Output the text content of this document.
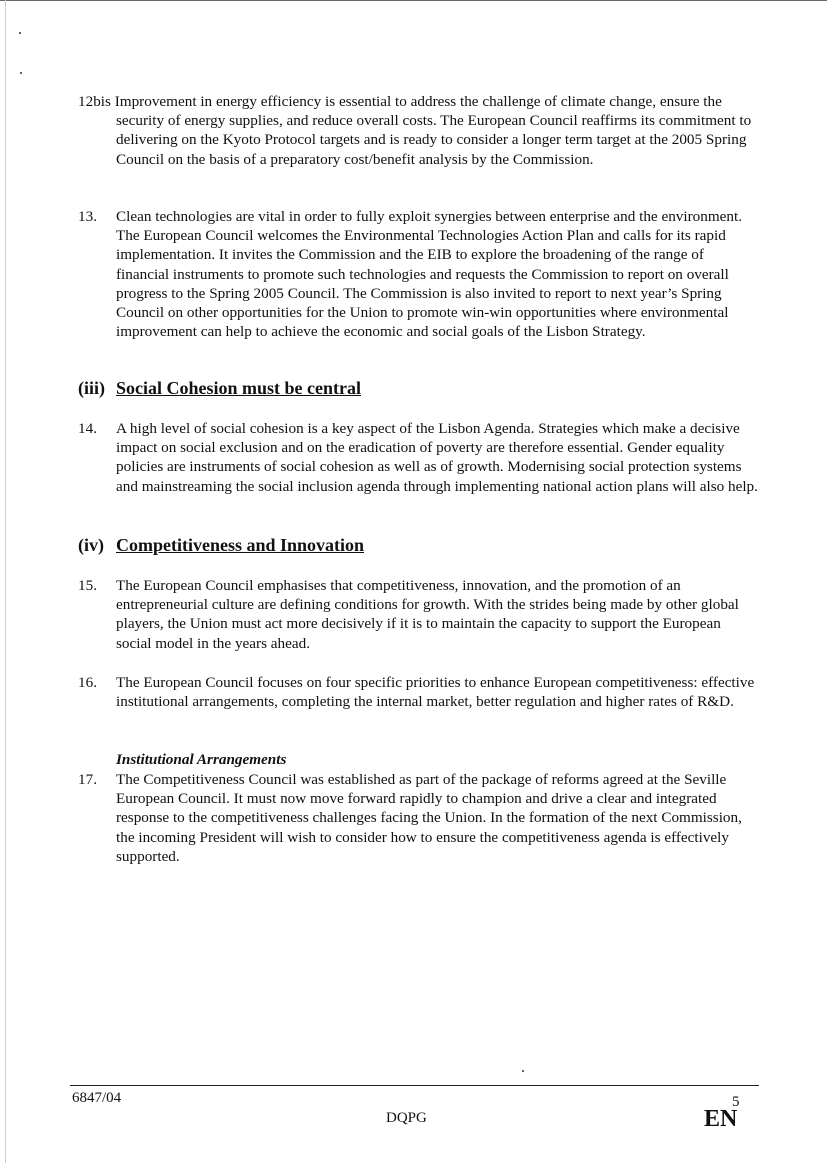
12bis Improvement in energy efficiency is essential to address the challenge of climate change, ensure the security of energy supplies, and reduce overall costs. The European Council reaffirms its commitment to delivering on the Kyoto Protocol targets and is ready to consider a longer term target at the 2005 Spring Council on the basis of a preparatory cost/benefit analysis by the Commission.
13. Clean technologies are vital in order to fully exploit synergies between enterprise and the environment. The European Council welcomes the Environmental Technologies Action Plan and calls for its rapid implementation. It invites the Commission and the EIB to explore the broadening of the range of financial instruments to promote such technologies and requests the Commission to report on overall progress to the Spring 2005 Council. The Commission is also invited to report to next year’s Spring Council on other opportunities for the Union to promote win-win opportunities where environmental improvement can help to achieve the economic and social goals of the Lisbon Strategy.
(iii) Social Cohesion must be central
14. A high level of social cohesion is a key aspect of the Lisbon Agenda. Strategies which make a decisive impact on social exclusion and on the eradication of poverty are therefore essential. Gender equality policies are instruments of social cohesion as well as of growth. Modernising social protection systems and mainstreaming the social inclusion agenda through implementing national action plans will also help.
(iv) Competitiveness and Innovation
15. The European Council emphasises that competitiveness, innovation, and the promotion of an entrepreneurial culture are defining conditions for growth. With the strides being made by other global players, the Union must act more decisively if it is to maintain the capacity to support the European social model in the years ahead.
16. The European Council focuses on four specific priorities to enhance European competitiveness: effective institutional arrangements, completing the internal market, better regulation and higher rates of R&D.
Institutional Arrangements
17. The Competitiveness Council was established as part of the package of reforms agreed at the Seville European Council. It must now move forward rapidly to champion and drive a clear and integrated response to the competitiveness challenges facing the Union. In the formation of the next Commission, the incoming President will wish to consider how to ensure the competitiveness agenda is effectively supported.
6847/04	5
DQPG	EN
